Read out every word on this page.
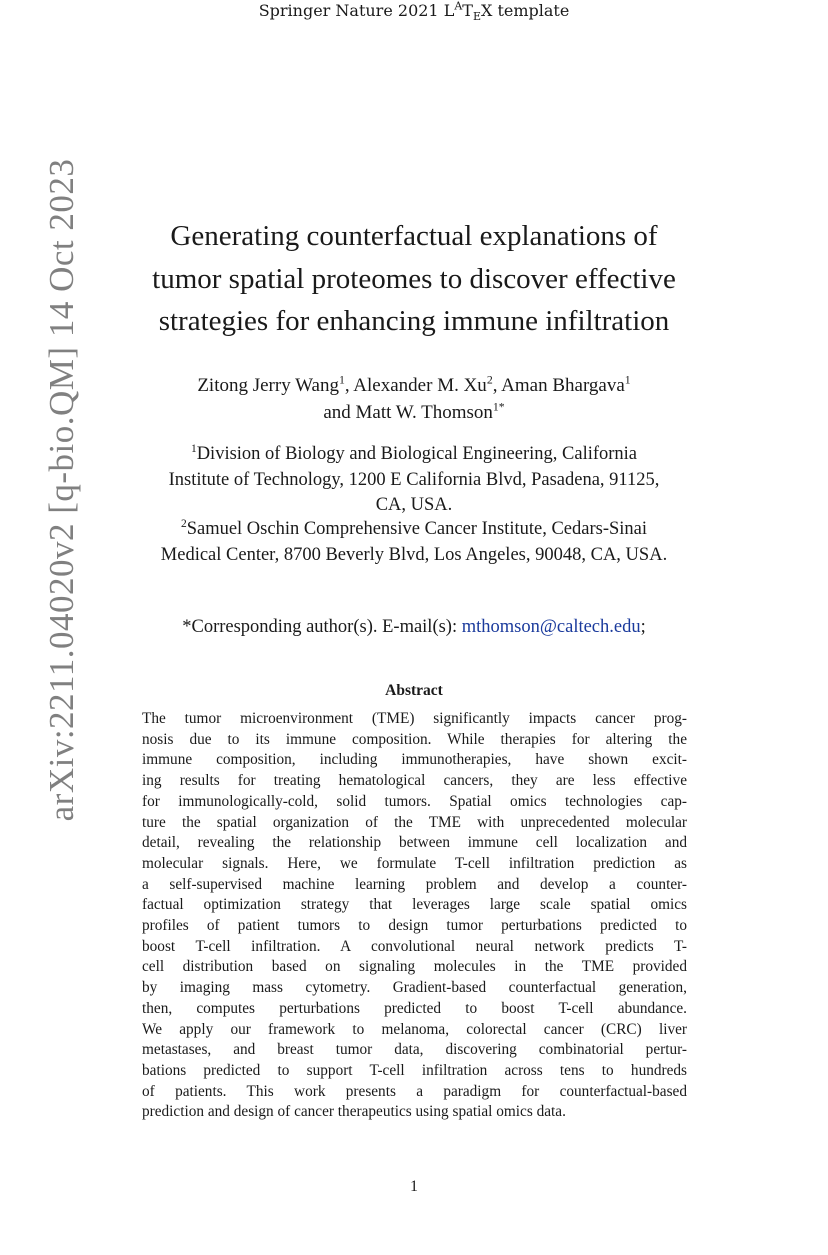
Springer Nature 2021 $L^AT_EX$ template
arXiv:2211.04020v2 [q-bio.QM] 14 Oct 2023	Generating counterfactual explanations of
tumor spatial proteomes to discover effective
strategies for enhancing immune infiltration
Zitong Jerry Wang$^1$, Alexander M. Xu$^2$, Aman Bhargava$^1$
and Matt W. Thomson$^{1*}$
$^1$Division of Biology and Biological Engineering, California
Institute of Technology, 1200 E California Blvd, Pasadena, 91125,
CA, USA.
$^2$Samuel Oschin Comprehensive Cancer Institute, Cedars-Sinai
Medical Center, 8700 Beverly Blvd, Los Angeles, 90048, CA, USA.
*Corresponding author(s). E-mail(s): mthomson@caltech.edu;
Abstract
The tumor microenvironment (TME) significantly impacts cancer prog-
nosis due to its immune composition. While therapies for altering the
immune composition, including immunotherapies, have shown excit-
ing results for treating hematological cancers, they are less effective
for immunologically-cold, solid tumors. Spatial omics technologies cap-
ture the spatial organization of the TME with unprecedented molecular
detail, revealing the relationship between immune cell localization and
molecular signals. Here, we formulate T-cell infiltration prediction as
a self-supervised machine learning problem and develop a counter-
factual optimization strategy that leverages large scale spatial omics
profiles of patient tumors to design tumor perturbations predicted to
boost T-cell infiltration. A convolutional neural network predicts T-
cell distribution based on signaling molecules in the TME provided
by imaging mass cytometry. Gradient-based counterfactual generation,
then, computes perturbations predicted to boost T-cell abundance.
We apply our framework to melanoma, colorectal cancer (CRC) liver
metastases, and breast tumor data, discovering combinatorial pertur-
bations predicted to support T-cell infiltration across tens to hundreds
of patients. This work presents a paradigm for counterfactual-based
prediction and design of cancer therapeutics using spatial omics data.
1
